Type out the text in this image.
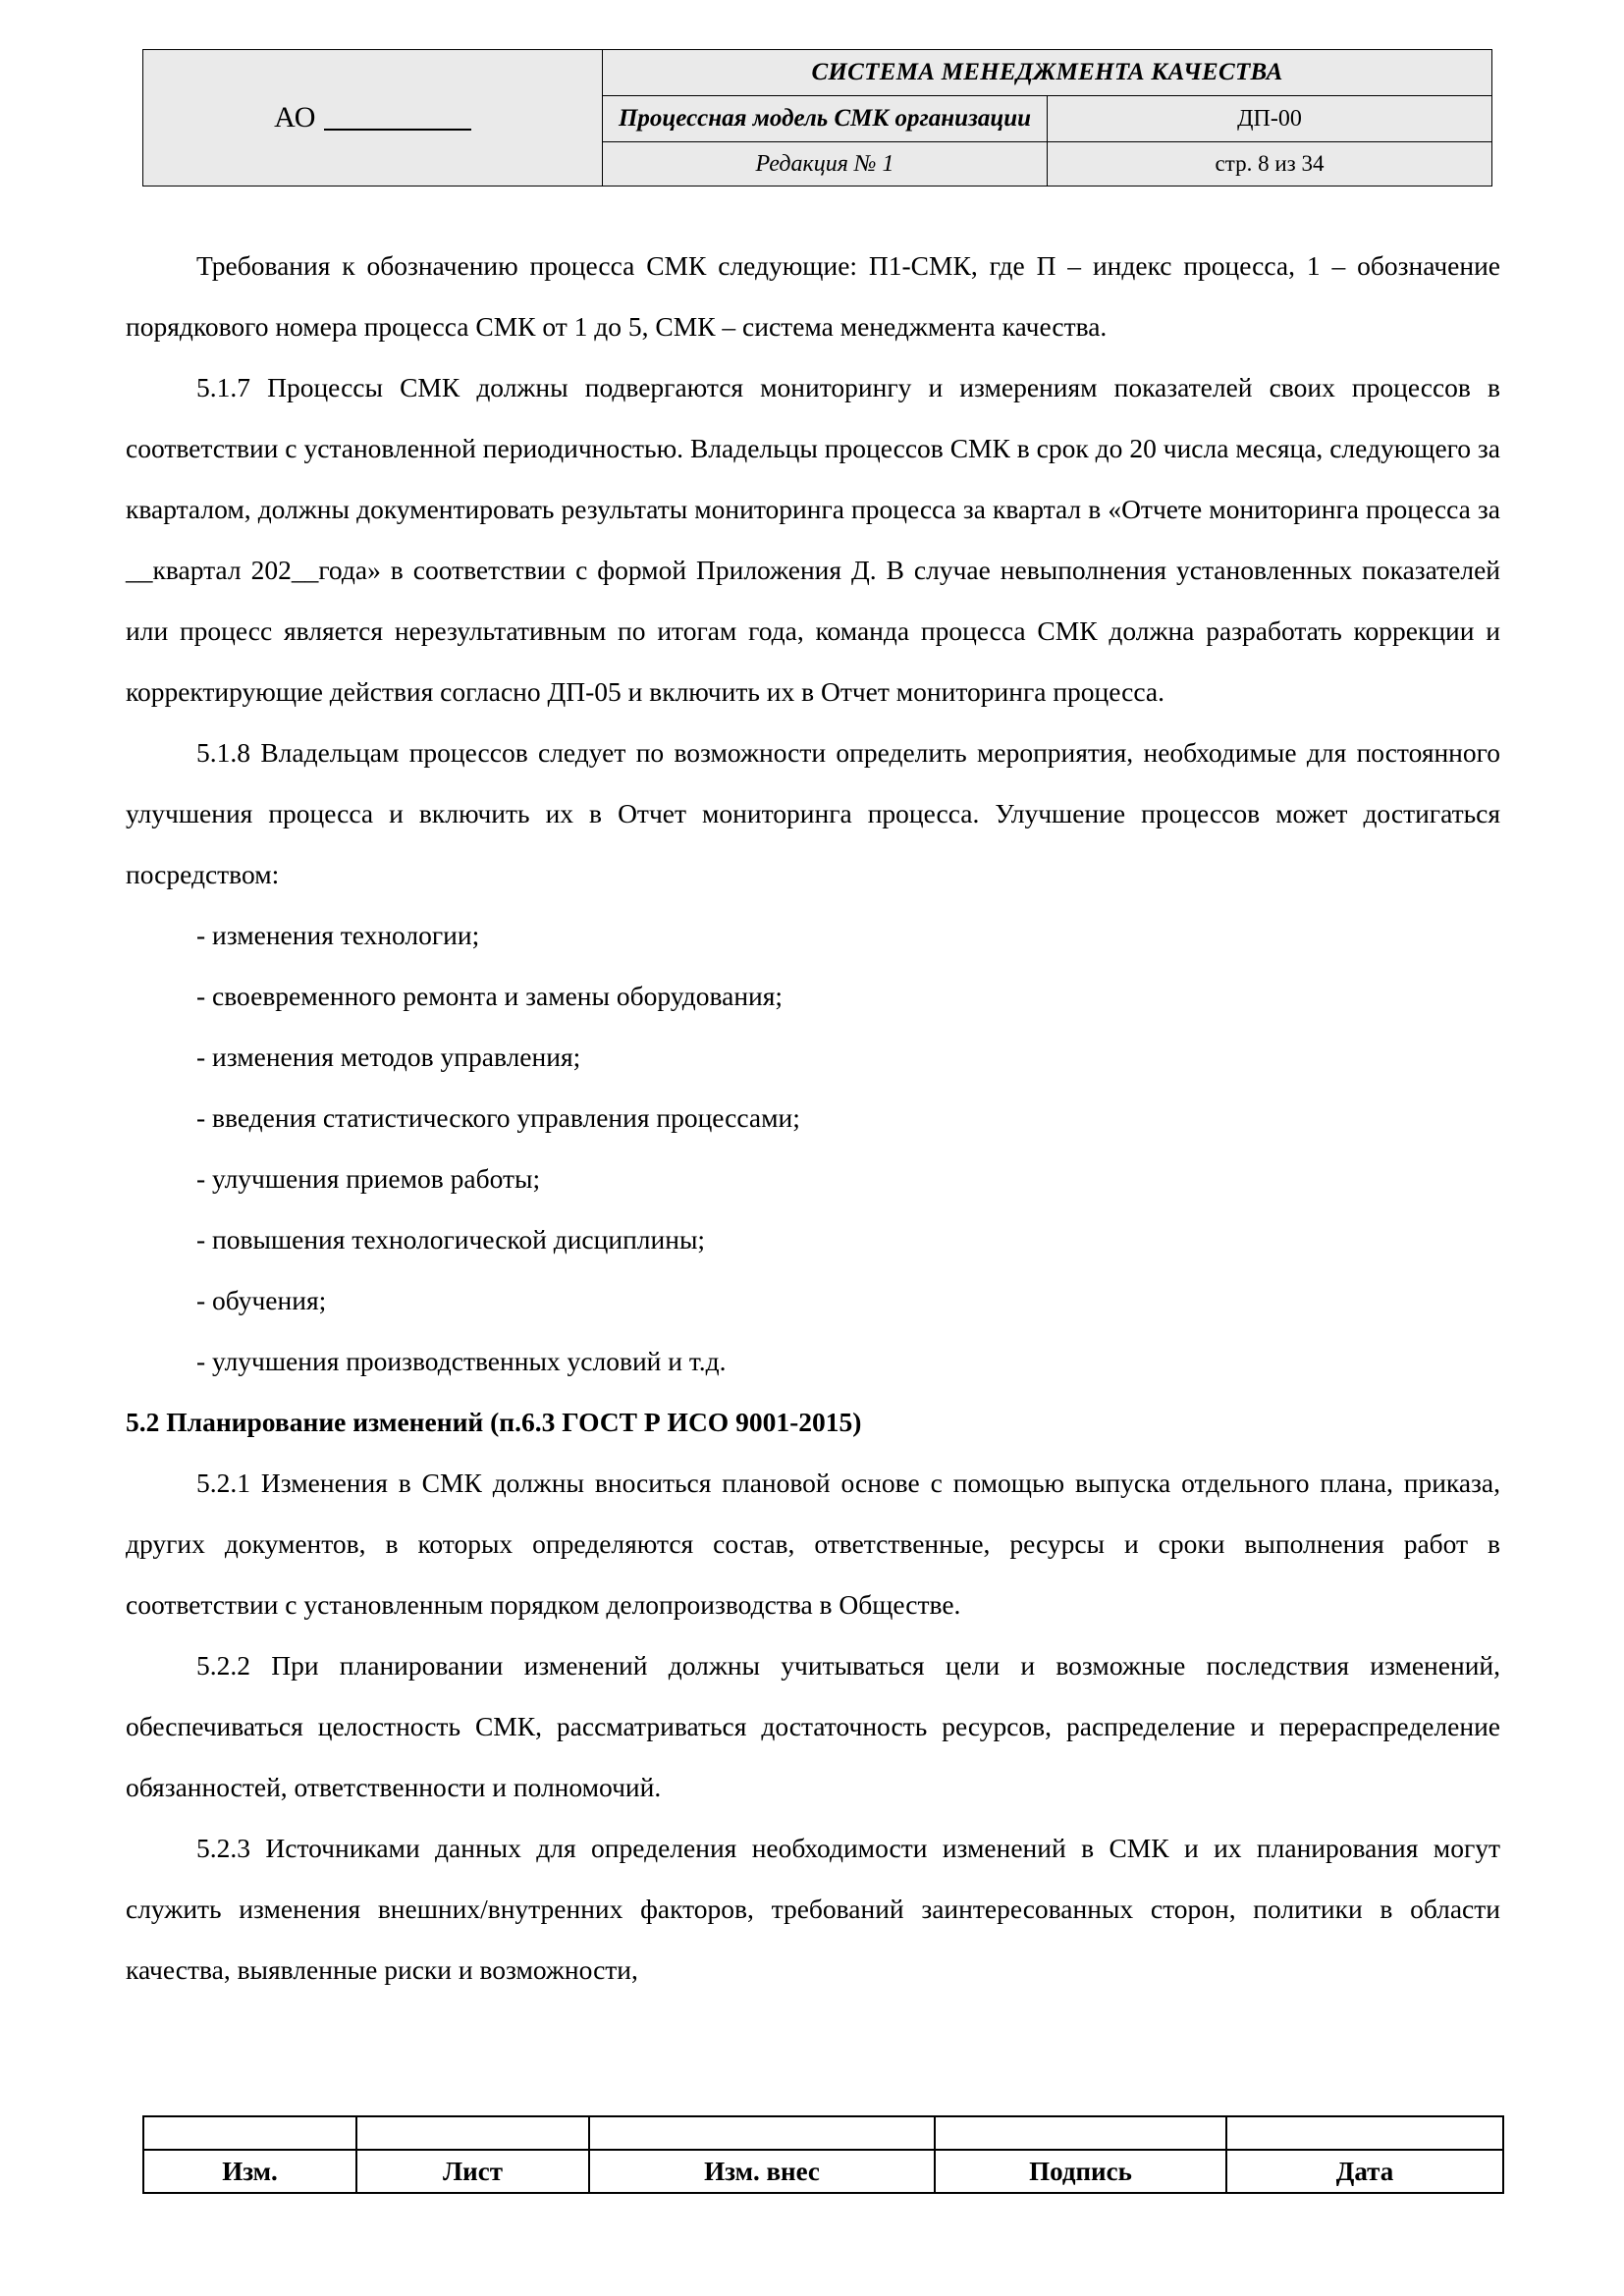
АО	СИСТЕМА МЕНЕДЖМЕНТА КАЧЕСТВА	
	Процессная модель СМК организации	ДП-00
	Редакция № 1	стр. 8 из 34

Требования к обозначению процесса СМК следующие: П1-СМК, где П – индекс процесса, 1 – обозначение порядкового номера процесса СМК от 1 до 5, СМК – система менеджмента качества.

5.1.7 Процессы СМК должны подвергаются мониторингу и измерениям показателей своих процессов в соответствии с установленной периодичностью. Владельцы процессов СМК в срок до 20 числа месяца, следующего за кварталом, должны документировать результаты мониторинга процесса за квартал в «Отчете мониторинга процесса за __квартал 202__года» в соответствии с формой Приложения Д. В случае невыполнения установленных показателей или процесс является нерезультативным по итогам года, команда процесса СМК должна разработать коррекции и корректирующие действия согласно ДП-05 и включить их в Отчет мониторинга процесса.

5.1.8 Владельцам процессов следует по возможности определить мероприятия, необходимые для постоянного улучшения процесса и включить их в Отчет мониторинга процесса. Улучшение процессов может достигаться посредством:

- изменения технологии;
- своевременного ремонта и замены оборудования;
- изменения методов управления;
- введения статистического управления процессами;
- улучшения приемов работы;
- повышения технологической дисциплины;
- обучения;
- улучшения производственных условий и т.д.

5.2 Планирование изменений (п.6.3 ГОСТ Р ИСО 9001-2015)

5.2.1 Изменения в СМК должны вноситься плановой основе с помощью выпуска отдельного плана, приказа, других документов, в которых определяются состав, ответственные, ресурсы и сроки выполнения работ в соответствии с установленным порядком делопроизводства в Обществе.

5.2.2 При планировании изменений должны учитываться цели и возможные последствия изменений, обеспечиваться целостность СМК, рассматриваться достаточность ресурсов, распределение и перераспределение обязанностей, ответственности и полномочий.

5.2.3 Источниками данных для определения необходимости изменений в СМК и их планирования могут служить изменения внешних/внутренних факторов, требований заинтересованных сторон, политики в области качества, выявленные риски и возможности,

Изм.	Лист	Изм. внес	Подпись	Дата
